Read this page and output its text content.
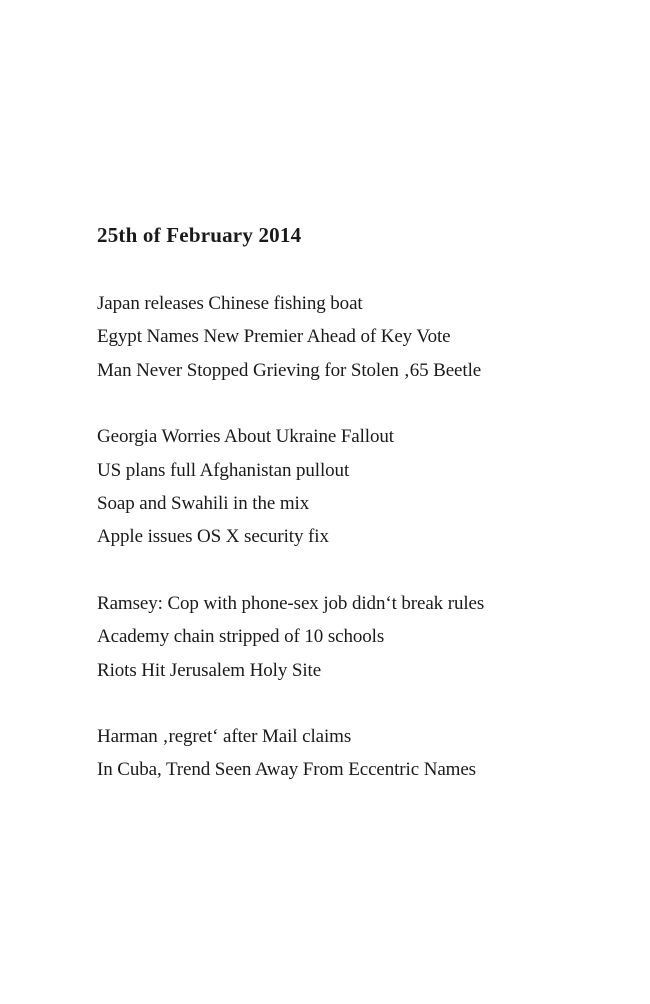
25th of February 2014
Japan releases Chinese fishing boat
Egypt Names New Premier Ahead of Key Vote
Man Never Stopped Grieving for Stolen ‚65 Beetle
Georgia Worries About Ukraine Fallout
US plans full Afghanistan pullout
Soap and Swahili in the mix
Apple issues OS X security fix
Ramsey: Cop with phone-sex job didn‘t break rules
Academy chain stripped of 10 schools
Riots Hit Jerusalem Holy Site
Harman ‚regret‘ after Mail claims
In Cuba, Trend Seen Away From Eccentric Names
